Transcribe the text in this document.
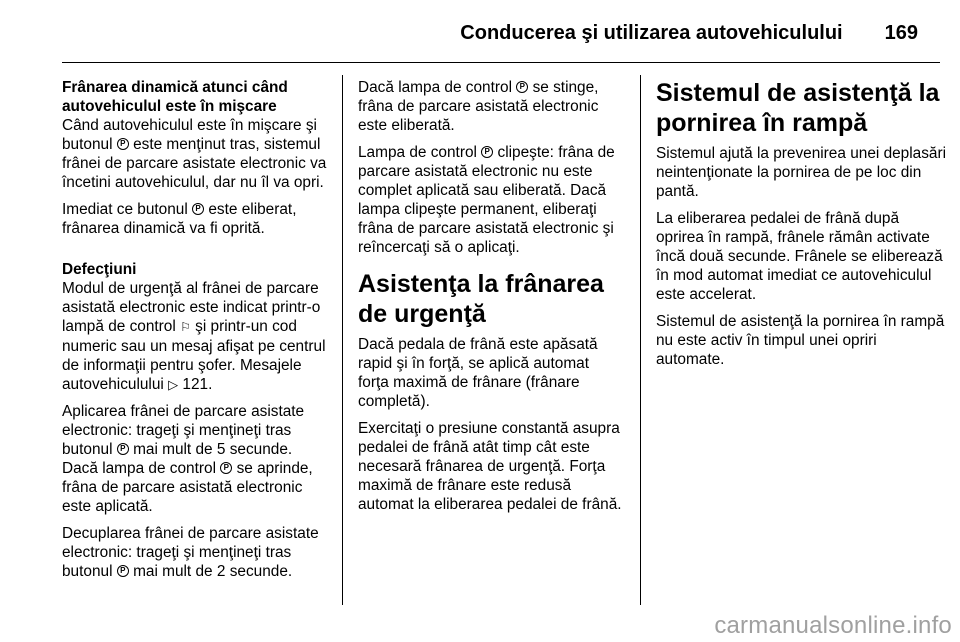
Conducerea şi utilizarea autovehiculului 169
Frânarea dinamică atunci când
autovehiculul este în mişcare

Când autovehiculul este în mişcare şi butonul P este menţinut tras, sistemul frânei de parcare asistate electronic va încetini autovehiculul, dar nu îl va opri.

Imediat ce butonul P este eliberat, frânarea dinamică va fi oprită.

Defecţiuni

Modul de urgenţă al frânei de parcare asistată electronic este indicat printr-o lampă de control ⚐ şi printr-un cod numeric sau un mesaj afişat pe centrul de informaţii pentru şofer. Mesajele autovehiculului ▷ 121.

Aplicarea frânei de parcare asistate electronic: trageţi şi menţineţi tras butonul P mai mult de 5 secunde. Dacă lampa de control P se aprinde, frâna de parcare asistată electronic este aplicată.

Decuplarea frânei de parcare asistate electronic: trageţi şi menţineţi tras butonul P mai mult de 2 secunde.

Dacă lampa de control P se stinge, frâna de parcare asistată electronic este eliberată.

Lampa de control P clipeşte: frâna de parcare asistată electronic nu este complet aplicată sau eliberată. Dacă lampa clipeşte permanent, eliberaţi frâna de parcare asistată electronic şi reîncercaţi să o aplicaţi.

Asistenţa la frânarea de urgenţă

Dacă pedala de frână este apăsată rapid şi în forţă, se aplică automat forţa maximă de frânare (frânare completă).

Exercitaţi o presiune constantă asupra pedalei de frână atât timp cât este necesară frânarea de urgenţă. Forţa maximă de frânare este redusă automat la eliberarea pedalei de frână.

Sistemul de asistenţă la pornirea în rampă

Sistemul ajută la prevenirea unei deplasări neintenţionate la pornirea de pe loc din pantă.

La eliberarea pedalei de frână după oprirea în rampă, frânele rămân activate încă două secunde. Frânele se eliberează în mod automat imediat ce autovehiculul este accelerat.

Sistemul de asistenţă la pornirea în rampă nu este activ în timpul unei opriri automate.

carmanualsonline.info
